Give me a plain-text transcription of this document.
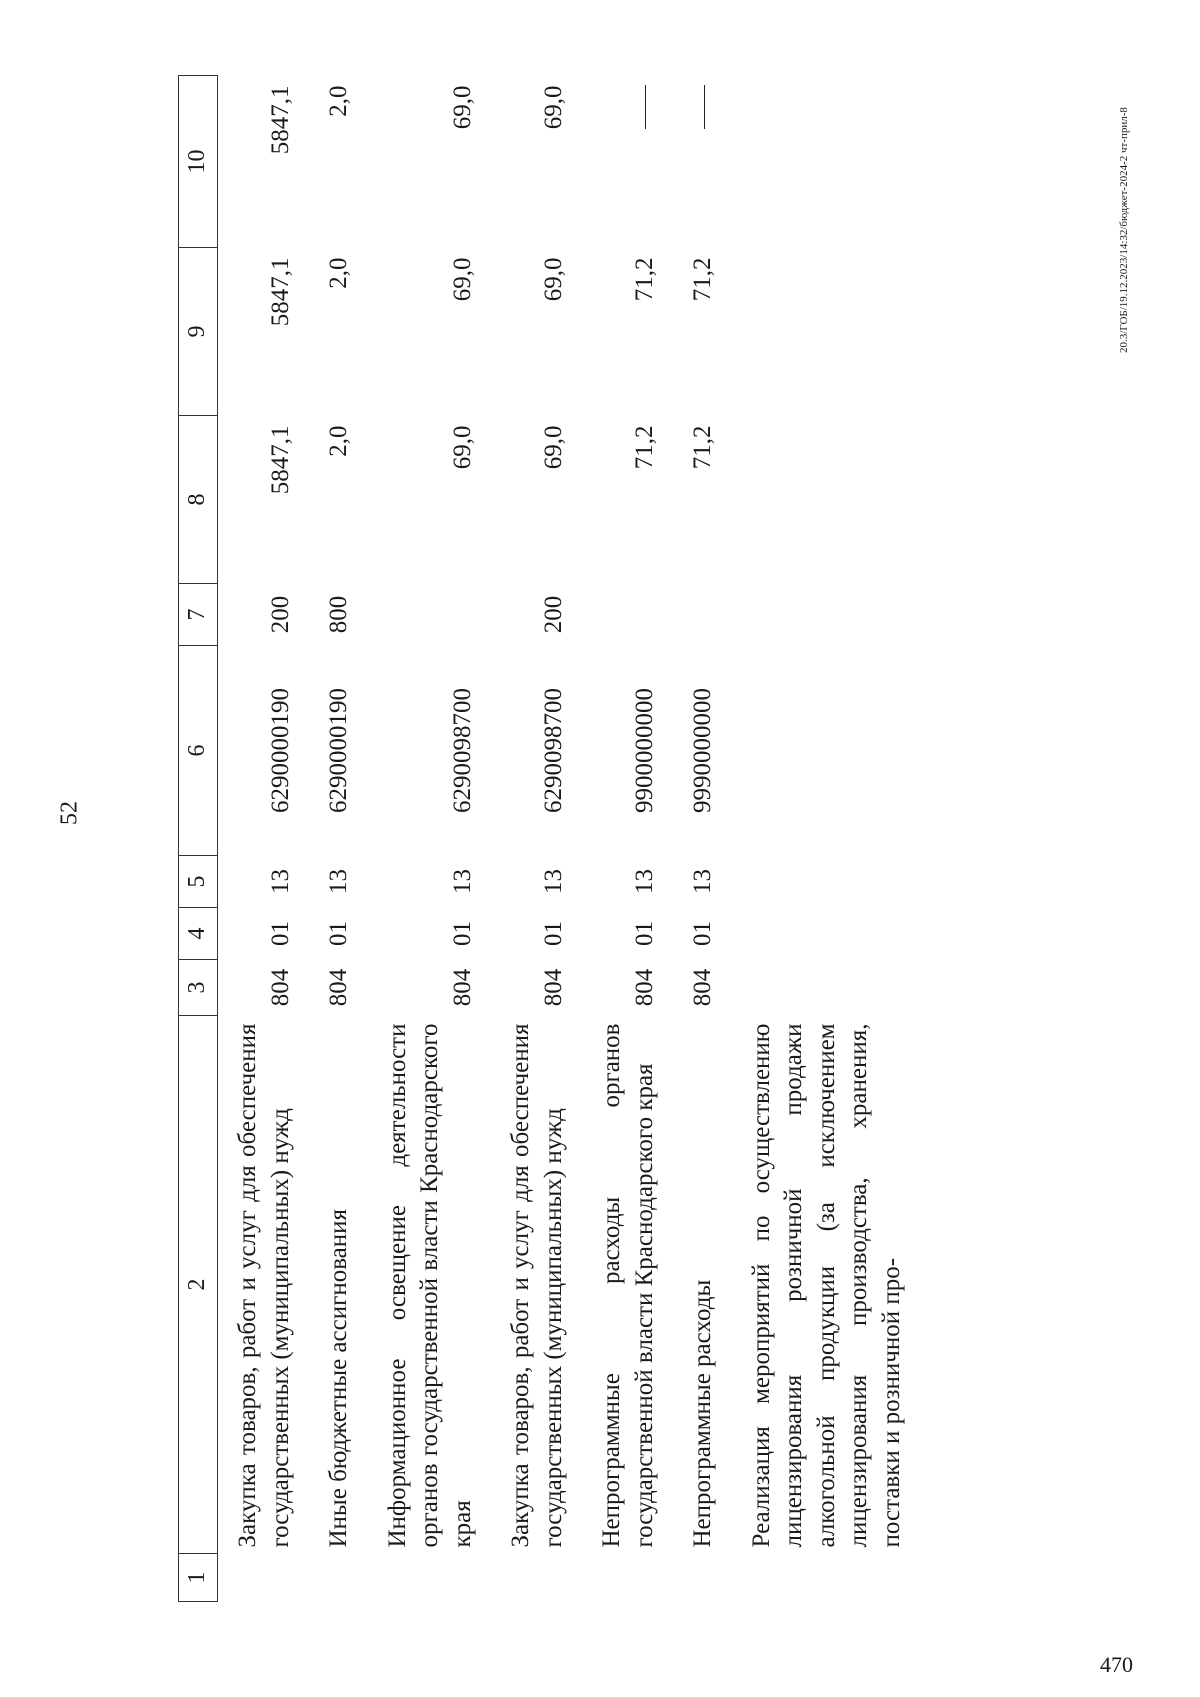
52
20.3/ГОБ/19.12.2023/14:32/бюджет-2024-2 чт-прил-8
470
1	2	3	4	5	6	7	8	9	10
	Закупка товаров, работ и услуг для обеспечения государственных (муниципальных) нужд	804	01	13	6290000190	200	5847,1	5847,1	5847,1
	Иные бюджетные ассигнования	804	01	13	6290000190	800	2,0	2,0	2,0
	Информационное освещение деятельности органов государственной власти Краснодарского края	804	01	13	6290098700		69,0	69,0	69,0
	Закупка товаров, работ и услуг для обеспечения государственных (муниципальных) нужд	804	01	13	6290098700	200	69,0	69,0	69,0
	Непрограммные расходы органов государственной власти Краснодарского края	804	01	13	9900000000		71,2	71,2	
	Непрограммные расходы	804	01	13	9990000000		71,2	71,2	
	Реализация мероприятий по осуществлению лицензирования розничной продажи алкогольной продукции (за исключением лицензирования производства, хранения, поставки и розничной про-								
